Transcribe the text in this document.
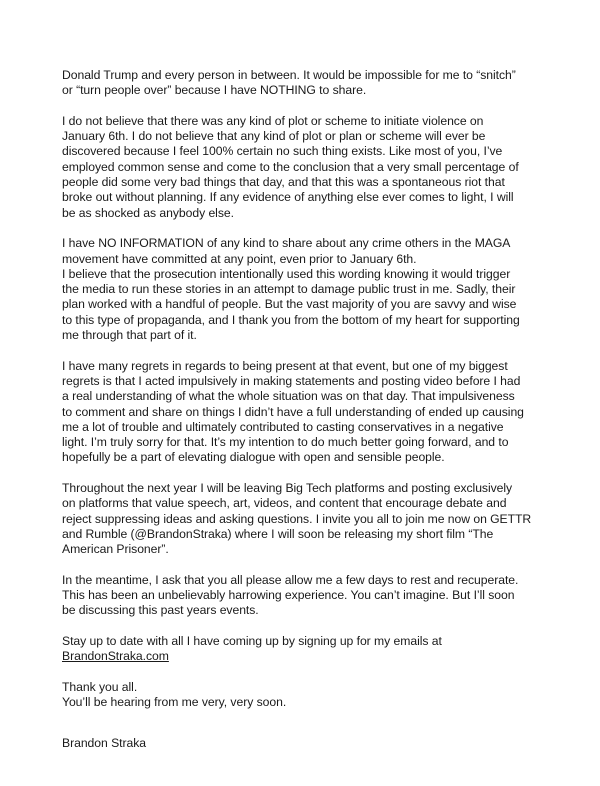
Donald Trump and every person in between. It would be impossible for me to “snitch”
or “turn people over” because I have NOTHING to share.

I do not believe that there was any kind of plot or scheme to initiate violence on
January 6th. I do not believe that any kind of plot or plan or scheme will ever be
discovered because I feel 100% certain no such thing exists. Like most of you, I’ve
employed common sense and come to the conclusion that a very small percentage of
people did some very bad things that day, and that this was a spontaneous riot that
broke out without planning. If any evidence of anything else ever comes to light, I will
be as shocked as anybody else.

I have NO INFORMATION of any kind to share about any crime others in the MAGA
movement have committed at any point, even prior to January 6th.
I believe that the prosecution intentionally used this wording knowing it would trigger
the media to run these stories in an attempt to damage public trust in me. Sadly, their
plan worked with a handful of people. But the vast majority of you are savvy and wise
to this type of propaganda, and I thank you from the bottom of my heart for supporting
me through that part of it.

I have many regrets in regards to being present at that event, but one of my biggest
regrets is that I acted impulsively in making statements and posting video before I had
a real understanding of what the whole situation was on that day. That impulsiveness
to comment and share on things I didn’t have a full understanding of ended up causing
me a lot of trouble and ultimately contributed to casting conservatives in a negative
light. I’m truly sorry for that. It’s my intention to do much better going forward, and to
hopefully be a part of elevating dialogue with open and sensible people.

Throughout the next year I will be leaving Big Tech platforms and posting exclusively
on platforms that value speech, art, videos, and content that encourage debate and
reject suppressing ideas and asking questions. I invite you all to join me now on GETTR
and Rumble (@BrandonStraka) where I will soon be releasing my short film “The
American Prisoner”.

In the meantime, I ask that you all please allow me a few days to rest and recuperate.
This has been an unbelievably harrowing experience. You can’t imagine. But I’ll soon
be discussing this past years events.

Stay up to date with all I have coming up by signing up for my emails at
BrandonStraka.com

Thank you all.
You’ll be hearing from me very, very soon.

Brandon Straka
